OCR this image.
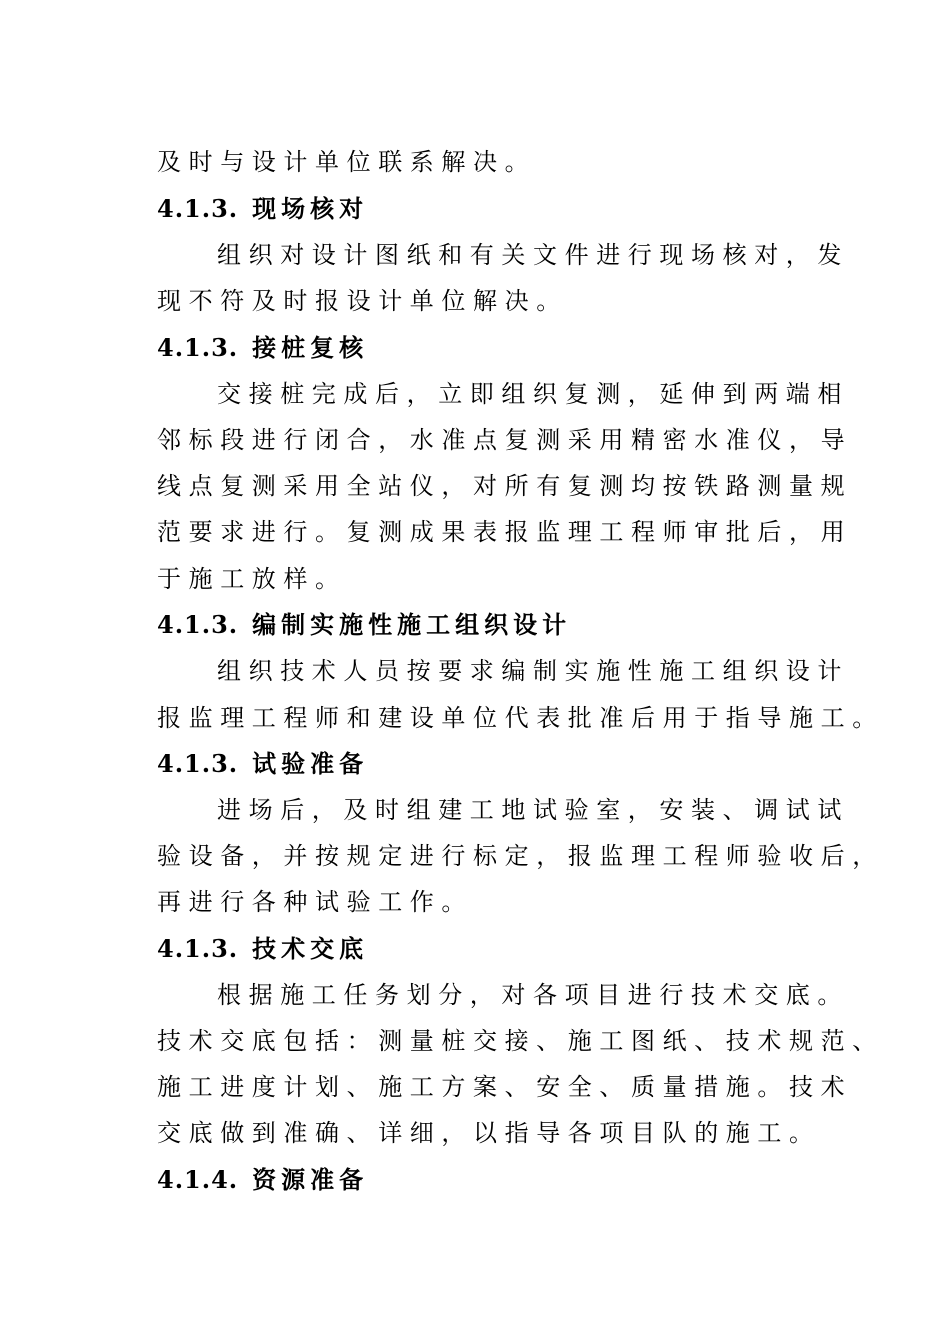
及时与设计单位联系解决。
4.1.3. 现场核对
组织对设计图纸和有关文件进行现场核对，发
现不符及时报设计单位解决。
4.1.3. 接桩复核
交接桩完成后，立即组织复测，延伸到两端相
邻标段进行闭合，水准点复测采用精密水准仪，导
线点复测采用全站仪，对所有复测均按铁路测量规
范要求进行。复测成果表报监理工程师审批后，用
于施工放样。
4.1.3. 编制实施性施工组织设计
组织技术人员按要求编制实施性施工组织设计
报监理工程师和建设单位代表批准后用于指导施工。
4.1.3. 试验准备
进场后，及时组建工地试验室，安装、调试试
验设备，并按规定进行标定，报监理工程师验收后，
再进行各种试验工作。
4.1.3. 技术交底
根据施工任务划分，对各项目进行技术交底。
技术交底包括：测量桩交接、施工图纸、技术规范、
施工进度计划、施工方案、安全、质量措施。技术
交底做到准确、详细，以指导各项目队的施工。
4.1.4. 资源准备
